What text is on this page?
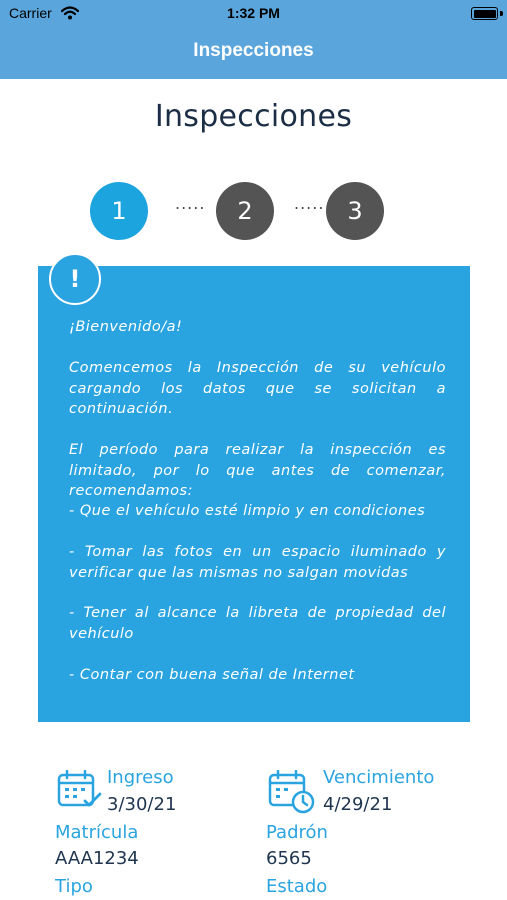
Carrier	1:32 PM
Inspecciones
Inspecciones
1	.....	2	..... 3
!

¡Bienvenido/a!

Comencemos la Inspección de su vehículo cargando los datos que se solicitan a continuación.

El período para realizar la inspección es limitado, por lo que antes de comenzar, recomendamos:

- Que el vehículo esté limpio y en condiciones

- Tomar las fotos en un espacio iluminado y verificar que las mismas no salgan movidas

- Tener al alcance la libreta de propiedad del vehículo

- Contar con buena señal de Internet

Ingreso
3/30/21
Vencimiento
4/29/21
Matrícula
AAA1234
Padrón
6565
Tipo	Estado
